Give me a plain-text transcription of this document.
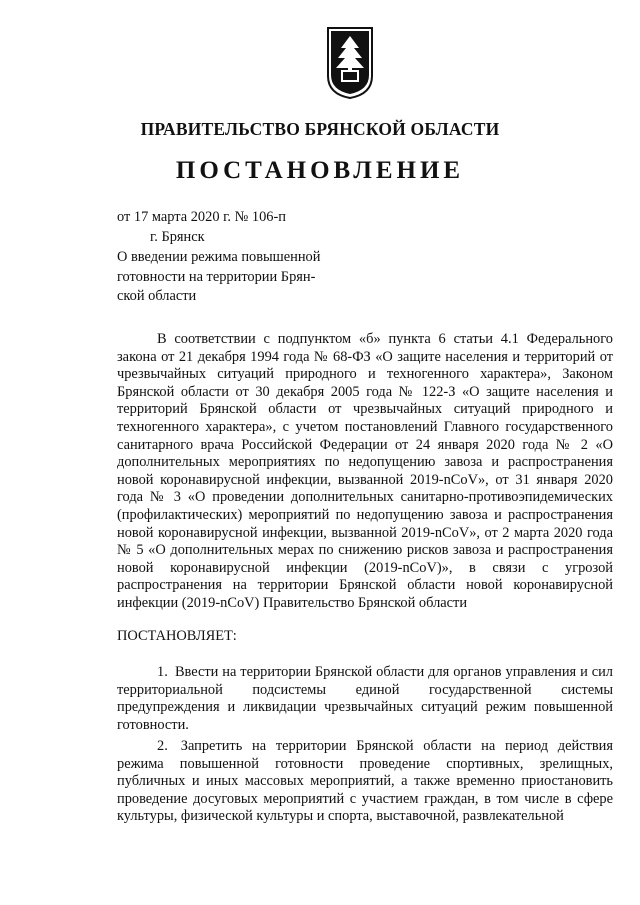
ПРАВИТЕЛЬСТВО БРЯНСКОЙ ОБЛАСТИ
ПОСТАНОВЛЕНИЕ
от 17 марта 2020 г. № 106-п
г. Брянск
О введении режима повышенной
готовности на территории Брян-
ской области

В соответствии с подпунктом «б» пункта 6 статьи 4.1 Федерального закона от 21 декабря 1994 года № 68-ФЗ «О защите населения и территорий от чрезвычайных ситуаций природного и техногенного характера», Законом Брянской области от 30 декабря 2005 года № 122-З «О защите населения и территорий Брянской области от чрезвычайных ситуаций природного и техногенного характера», с учетом постановлений Главного государственного санитарного врача Российской Федерации от 24 января 2020 года № 2 «О дополнительных мероприятиях по недопущению завоза и распространения новой коронавирусной инфекции, вызванной 2019-nCoV», от 31 января 2020 года № 3 «О проведении дополнительных санитарно-противоэпидемических (профилактических) мероприятий по недопущению завоза и распространения новой коронавирусной инфекции, вызванной 2019-nCoV», от 2 марта 2020 года № 5 «О дополнительных мерах по снижению рисков завоза и распространения новой коронавирусной инфекции (2019-nCoV)», в связи с угрозой распространения на территории Брянской области новой коронавирусной инфекции (2019-nCoV) Правительство Брянской области

ПОСТАНОВЛЯЕТ:

1. Ввести на территории Брянской области для органов управления и сил территориальной подсистемы единой государственной системы предупреждения и ликвидации чрезвычайных ситуаций режим повышенной готовности.

2. Запретить на территории Брянской области на период действия режима повышенной готовности проведение спортивных, зрелищных, публичных и иных массовых мероприятий, а также временно приостановить проведение досуговых мероприятий с участием граждан, в том числе в сфере культуры, физической культуры и спорта, выставочной, развлекательной
